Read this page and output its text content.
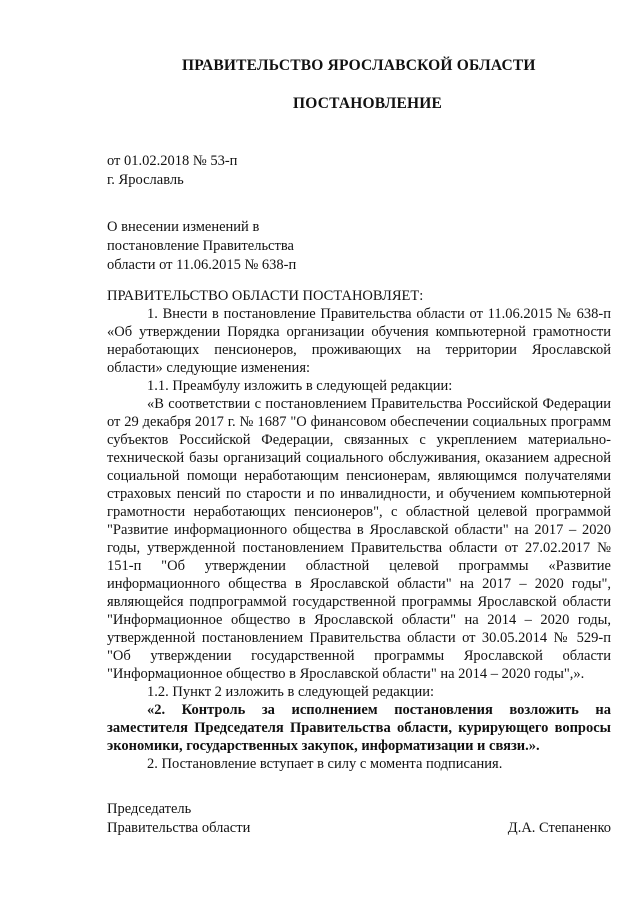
ПРАВИТЕЛЬСТВО ЯРОСЛАВСКОЙ ОБЛАСТИ
ПОСТАНОВЛЕНИЕ
от 01.02.2018 № 53-п
г. Ярославль
О внесении изменений в
постановление Правительства
области от 11.06.2015 № 638-п

ПРАВИТЕЛЬСТВО ОБЛАСТИ ПОСТАНОВЛЯЕТ:

1. Внести в постановление Правительства области от 11.06.2015 № 638-п «Об утверждении Порядка организации обучения компьютерной грамотности неработающих пенсионеров, проживающих на территории Ярославской области» следующие изменения:

1.1. Преамбулу изложить в следующей редакции:

«В соответствии с постановлением Правительства Российской Федерации от 29 декабря 2017 г. № 1687 "О финансовом обеспечении социальных программ субъектов Российской Федерации, связанных с укреплением материально-технической базы организаций социального обслуживания, оказанием адресной социальной помощи неработающим пенсионерам, являющимся получателями страховых пенсий по старости и по инвалидности, и обучением компьютерной грамотности неработающих пенсионеров", с областной целевой программой "Развитие информационного общества в Ярославской области" на 2017 – 2020 годы, утвержденной постановлением Правительства области от 27.02.2017 № 151-п "Об утверждении областной целевой программы «Развитие информационного общества в Ярославской области" на 2017 – 2020 годы", являющейся подпрограммой государственной программы Ярославской области "Информационное общество в Ярославской области" на 2014 – 2020 годы, утвержденной постановлением Правительства области от 30.05.2014 № 529-п "Об утверждении государственной программы Ярославской области "Информационное общество в Ярославской области" на 2014 – 2020 годы",».

1.2. Пункт 2 изложить в следующей редакции:

«2. Контроль за исполнением постановления возложить на заместителя Председателя Правительства области, курирующего вопросы экономики, государственных закупок, информатизации и связи.».

2. Постановление вступает в силу с момента подписания.

Председатель
Правительства области	Д.А. Степаненко
